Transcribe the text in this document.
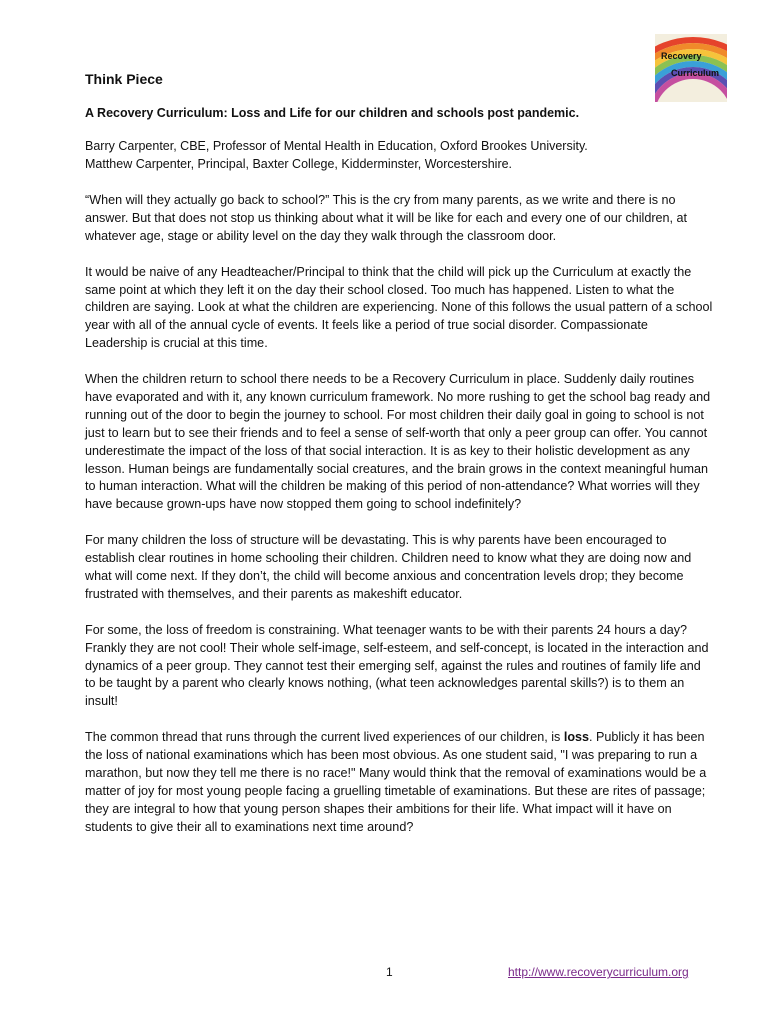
Recovery
Curriculum
Think Piece
A Recovery Curriculum: Loss and Life for our children and schools post pandemic.
Barry Carpenter, CBE, Professor of Mental Health in Education, Oxford Brookes University.
Matthew Carpenter, Principal, Baxter College, Kidderminster, Worcestershire.

“When will they actually go back to school?” This is the cry from many parents, as we write and there is no answer. But that does not stop us thinking about what it will be like for each and every one of our children, at whatever age, stage or ability level on the day they walk through the classroom door.

It would be naive of any Headteacher/Principal to think that the child will pick up the Curriculum at exactly the same point at which they left it on the day their school closed. Too much has happened. Listen to what the children are saying. Look at what the children are experiencing. None of this follows the usual pattern of a school year with all of the annual cycle of events. It feels like a period of true social disorder. Compassionate Leadership is crucial at this time.

When the children return to school there needs to be a Recovery Curriculum in place. Suddenly daily routines have evaporated and with it, any known curriculum framework. No more rushing to get the school bag ready and running out of the door to begin the journey to school. For most children their daily goal in going to school is not just to learn but to see their friends and to feel a sense of self-worth that only a peer group can offer. You cannot underestimate the impact of the loss of that social interaction. It is as key to their holistic development as any lesson. Human beings are fundamentally social creatures, and the brain grows in the context meaningful human to human interaction. What will the children be making of this period of non-attendance? What worries will they have because grown-ups have now stopped them going to school indefinitely?

For many children the loss of structure will be devastating. This is why parents have been encouraged to establish clear routines in home schooling their children. Children need to know what they are doing now and what will come next. If they don’t, the child will become anxious and concentration levels drop; they become frustrated with themselves, and their parents as makeshift educator.

For some, the loss of freedom is constraining. What teenager wants to be with their parents 24 hours a day? Frankly they are not cool! Their whole self-image, self-esteem, and self-concept, is located in the interaction and dynamics of a peer group. They cannot test their emerging self, against the rules and routines of family life and to be taught by a parent who clearly knows nothing, (what teen acknowledges parental skills?) is to them an insult!

The common thread that runs through the current lived experiences of our children, is loss. Publicly it has been the loss of national examinations which has been most obvious. As one student said, "I was preparing to run a marathon, but now they tell me there is no race!" Many would think that the removal of examinations would be a matter of joy for most young people facing a gruelling timetable of examinations. But these are rites of passage; they are integral to how that young person shapes their ambitions for their life. What impact will it have on students to give their all to examinations next time around?

1	http://www.recoverycurriculum.org
